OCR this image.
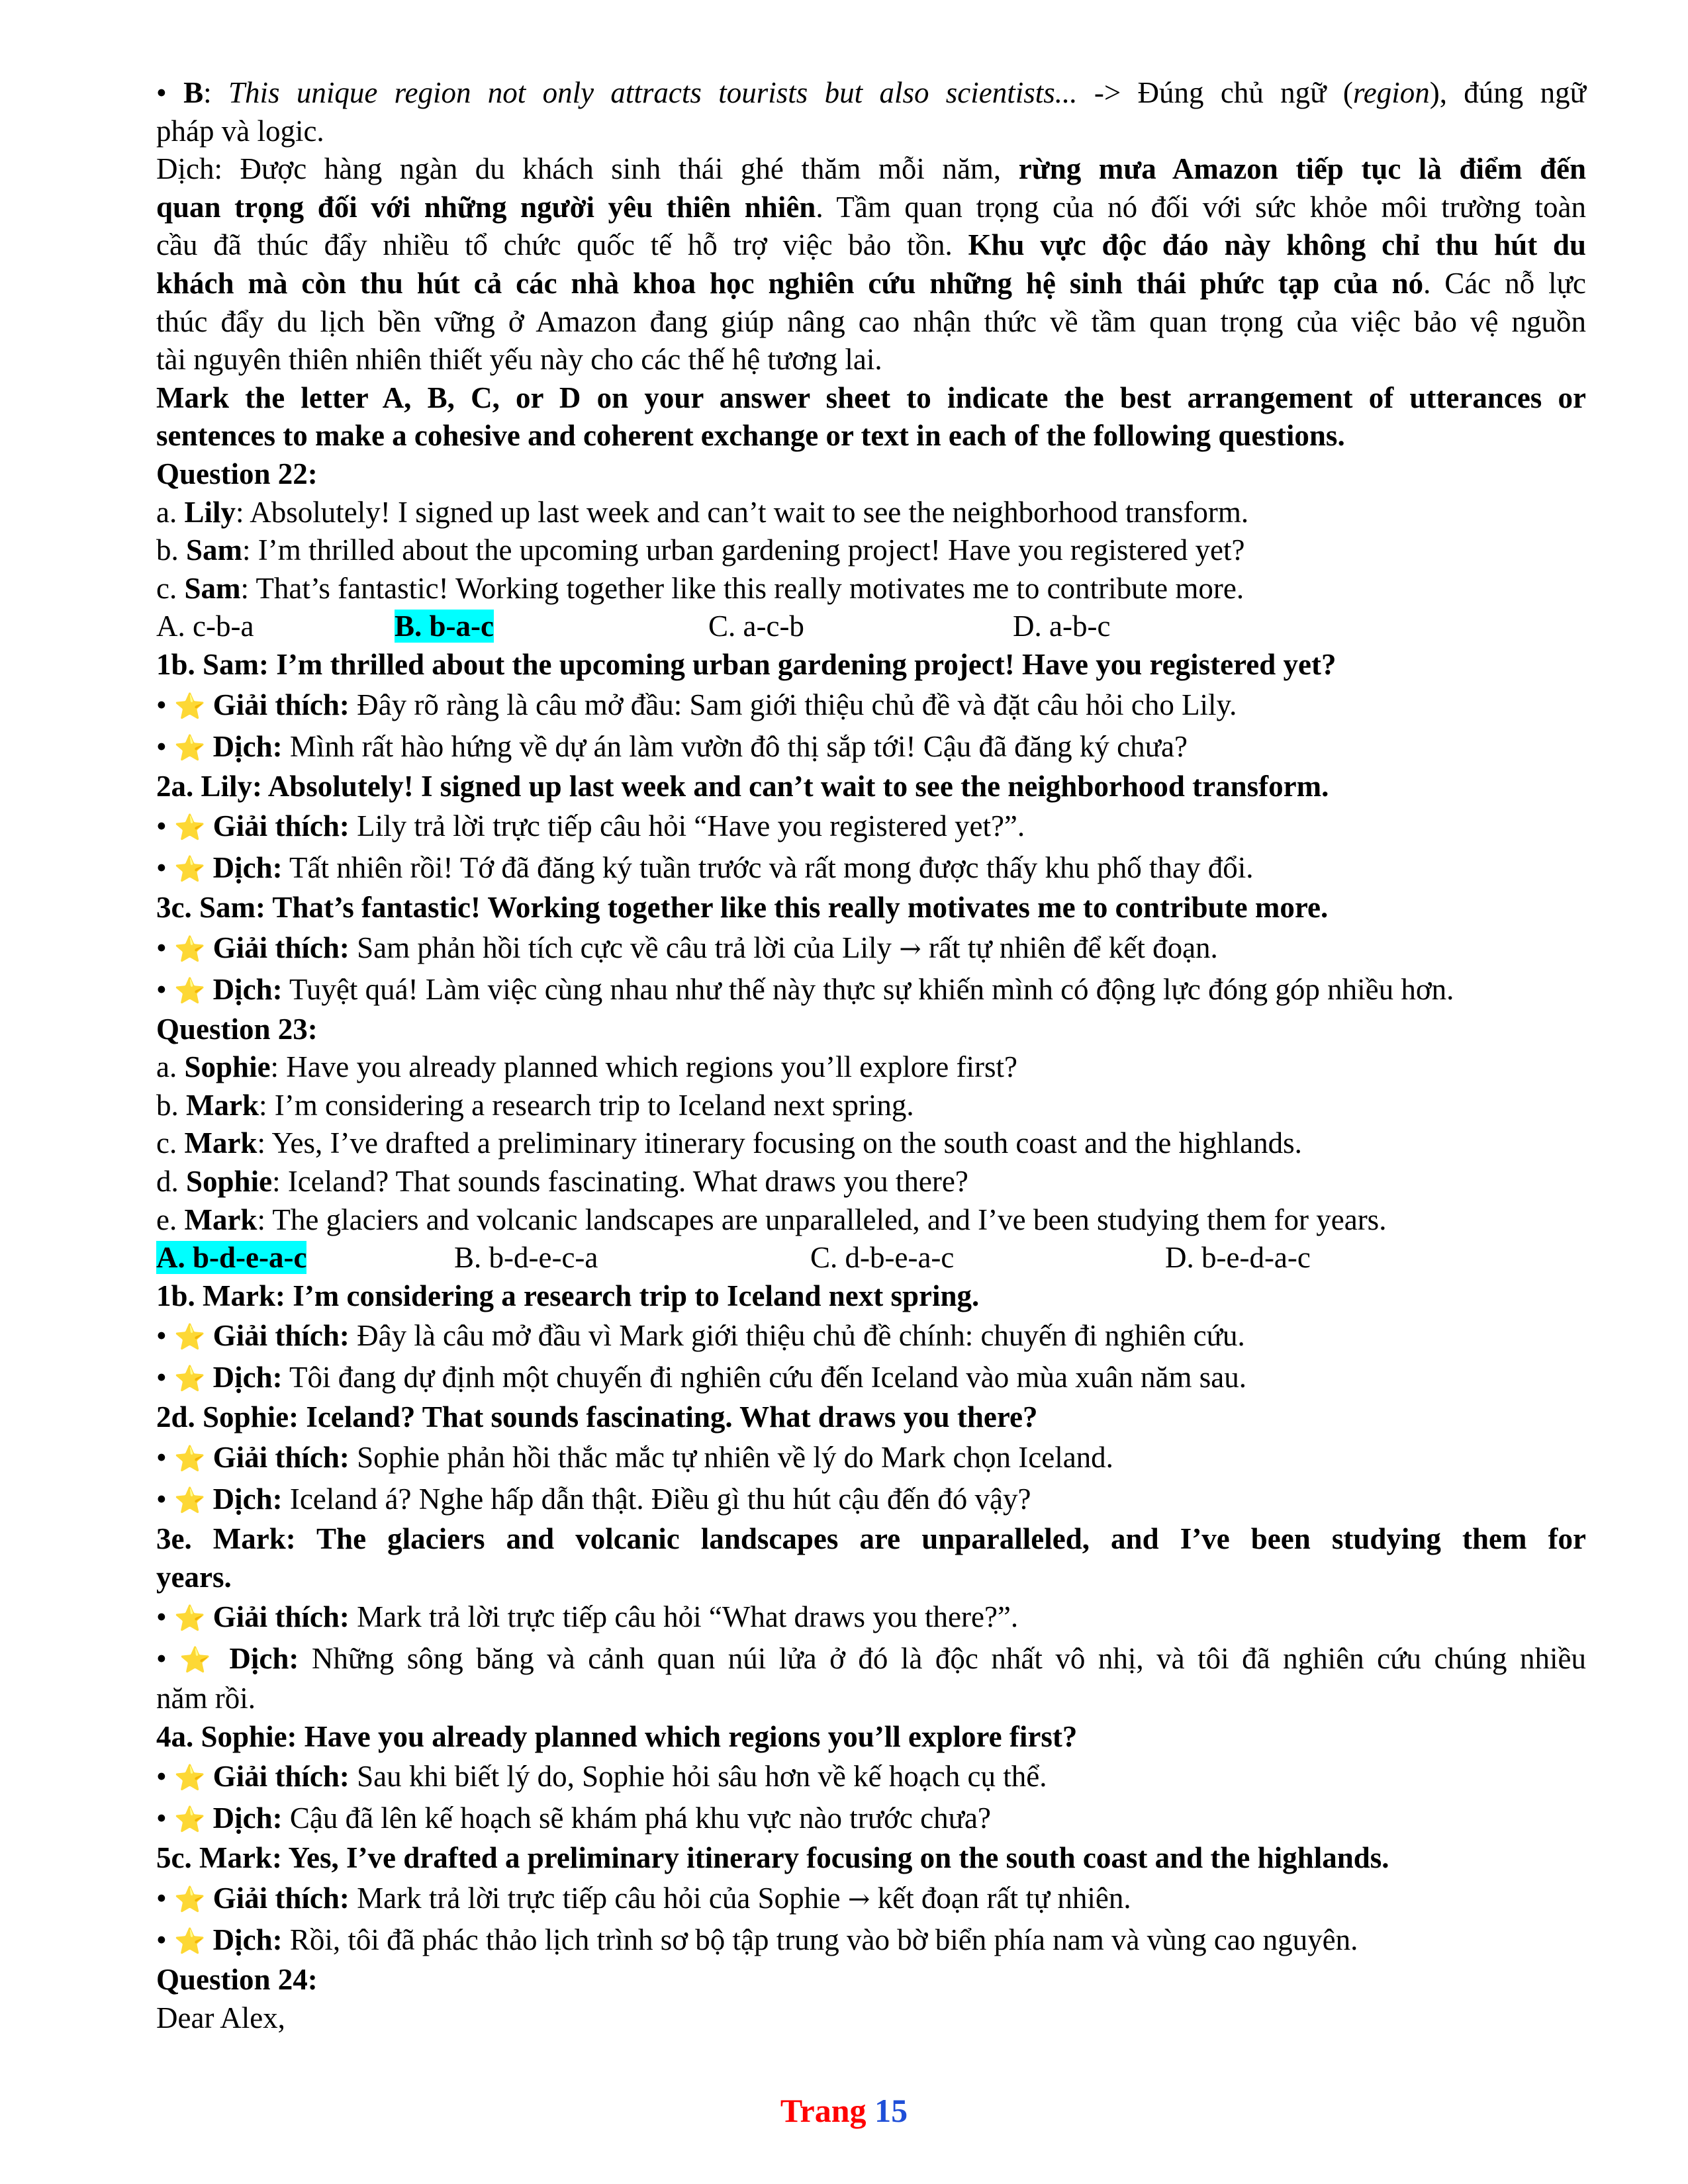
• B: This unique region not only attracts tourists but also scientists... -> Đúng chủ ngữ (region), đúng ngữ

pháp và logic.

Dịch: Được hàng ngàn du khách sinh thái ghé thăm mỗi năm, rừng mưa Amazon tiếp tục là điểm đến

quan trọng đối với những người yêu thiên nhiên. Tầm quan trọng của nó đối với sức khỏe môi trường toàn

cầu đã thúc đẩy nhiều tổ chức quốc tế hỗ trợ việc bảo tồn. Khu vực độc đáo này không chỉ thu hút du

khách mà còn thu hút cả các nhà khoa học nghiên cứu những hệ sinh thái phức tạp của nó. Các nỗ lực

thúc đẩy du lịch bền vững ở Amazon đang giúp nâng cao nhận thức về tầm quan trọng của việc bảo vệ nguồn

tài nguyên thiên nhiên thiết yếu này cho các thế hệ tương lai.

Mark the letter A, B, C, or D on your answer sheet to indicate the best arrangement of utterances or

sentences to make a cohesive and coherent exchange or text in each of the following questions.

Question 22:

a. Lily: Absolutely! I signed up last week and can’t wait to see the neighborhood transform.

b. Sam: I’m thrilled about the upcoming urban gardening project! Have you registered yet?

c. Sam: That’s fantastic! Working together like this really motivates me to contribute more.

A. c-b-a	B. b-a-c	C. a-c-b	D. a-b-c

1b. Sam: I’m thrilled about the upcoming urban gardening project! Have you registered yet?

• ⭐ Giải thích: Đây rõ ràng là câu mở đầu: Sam giới thiệu chủ đề và đặt câu hỏi cho Lily.

• ⭐ Dịch: Mình rất hào hứng về dự án làm vườn đô thị sắp tới! Cậu đã đăng ký chưa?

2a. Lily: Absolutely! I signed up last week and can’t wait to see the neighborhood transform.

• ⭐ Giải thích: Lily trả lời trực tiếp câu hỏi “Have you registered yet?”.

• ⭐ Dịch: Tất nhiên rồi! Tớ đã đăng ký tuần trước và rất mong được thấy khu phố thay đổi.

3c. Sam: That’s fantastic! Working together like this really motivates me to contribute more.

• ⭐ Giải thích: Sam phản hồi tích cực về câu trả lời của Lily → rất tự nhiên để kết đoạn.

• ⭐ Dịch: Tuyệt quá! Làm việc cùng nhau như thế này thực sự khiến mình có động lực đóng góp nhiều hơn.

Question 23:

a. Sophie: Have you already planned which regions you’ll explore first?

b. Mark: I’m considering a research trip to Iceland next spring.

c. Mark: Yes, I’ve drafted a preliminary itinerary focusing on the south coast and the highlands.

d. Sophie: Iceland? That sounds fascinating. What draws you there?

e. Mark: The glaciers and volcanic landscapes are unparalleled, and I’ve been studying them for years.

A. b-d-e-a-c	B. b-d-e-c-a	C. d-b-e-a-c	D. b-e-d-a-c

1b. Mark: I’m considering a research trip to Iceland next spring.

• ⭐ Giải thích: Đây là câu mở đầu vì Mark giới thiệu chủ đề chính: chuyến đi nghiên cứu.

• ⭐ Dịch: Tôi đang dự định một chuyến đi nghiên cứu đến Iceland vào mùa xuân năm sau.

2d. Sophie: Iceland? That sounds fascinating. What draws you there?

• ⭐ Giải thích: Sophie phản hồi thắc mắc tự nhiên về lý do Mark chọn Iceland.

• ⭐ Dịch: Iceland á? Nghe hấp dẫn thật. Điều gì thu hút cậu đến đó vậy?

3e. Mark: The glaciers and volcanic landscapes are unparalleled, and I’ve been studying them for

years.

• ⭐ Giải thích: Mark trả lời trực tiếp câu hỏi “What draws you there?”.

• ⭐ Dịch: Những sông băng và cảnh quan núi lửa ở đó là độc nhất vô nhị, và tôi đã nghiên cứu chúng nhiều

năm rồi.

4a. Sophie: Have you already planned which regions you’ll explore first?

• ⭐ Giải thích: Sau khi biết lý do, Sophie hỏi sâu hơn về kế hoạch cụ thể.

• ⭐ Dịch: Cậu đã lên kế hoạch sẽ khám phá khu vực nào trước chưa?

5c. Mark: Yes, I’ve drafted a preliminary itinerary focusing on the south coast and the highlands.

• ⭐ Giải thích: Mark trả lời trực tiếp câu hỏi của Sophie → kết đoạn rất tự nhiên.

• ⭐ Dịch: Rồi, tôi đã phác thảo lịch trình sơ bộ tập trung vào bờ biển phía nam và vùng cao nguyên.

Question 24:

Dear Alex,

Trang 15
